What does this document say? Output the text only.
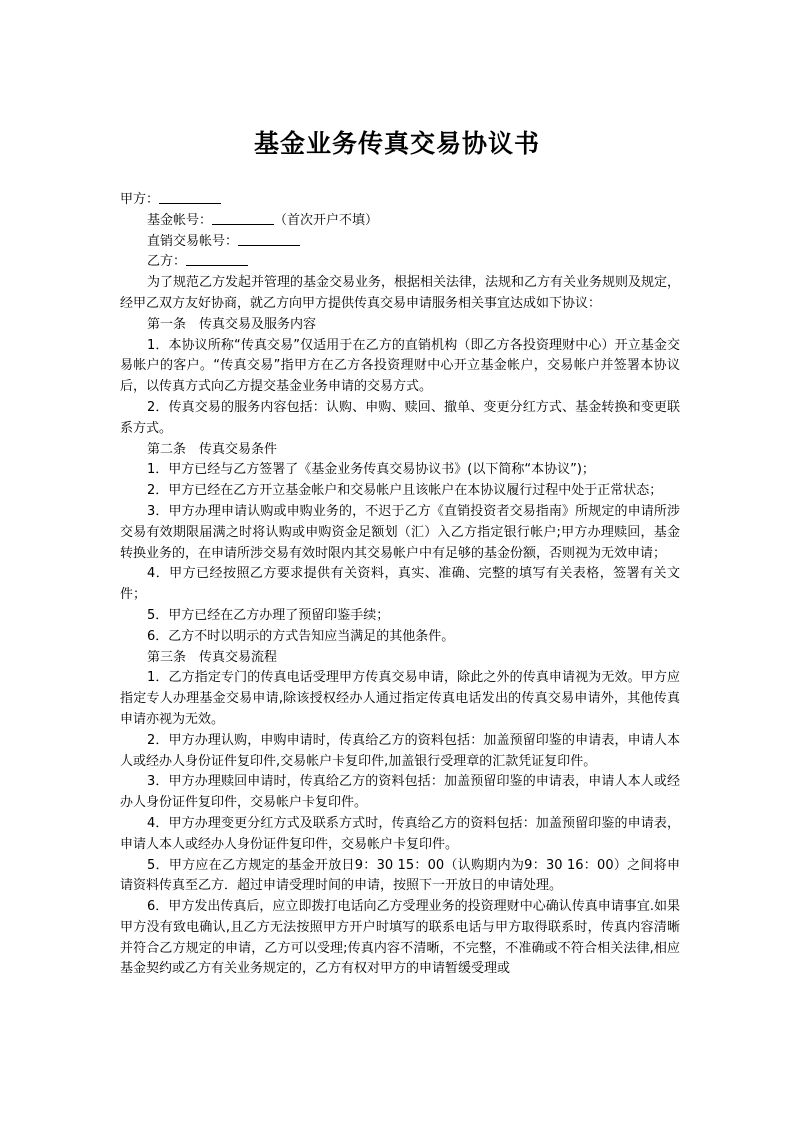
基金业务传真交易协议书
甲方：
基金帐号：	（首次开户不填）
直销交易帐号：
乙方：

为了规范乙方发起并管理的基金交易业务，根据相关法律，法规和乙方有关业务规则及规定，经甲乙双方友好协商，就乙方向甲方提供传真交易申请服务相关事宜达成如下协议：

第一条　传真交易及服务内容

1．本协议所称“传真交易”仅适用于在乙方的直销机构（即乙方各投资理财中心）开立基金交易帐户的客户。“传真交易”指甲方在乙方各投资理财中心开立基金帐户，交易帐户并签署本协议后，以传真方式向乙方提交基金业务申请的交易方式。

2．传真交易的服务内容包括：认购、申购、赎回、撤单、变更分红方式、基金转换和变更联系方式。

第二条　传真交易条件

1．甲方已经与乙方签署了《基金业务传真交易协议书》(以下简称“本协议”)；

2．甲方已经在乙方开立基金帐户和交易帐户且该帐户在本协议履行过程中处于正常状态；

3．甲方办理申请认购或申购业务的，不迟于乙方《直销投资者交易指南》所规定的申请所涉交易有效期限届满之时将认购或申购资金足额划（汇）入乙方指定银行帐户;甲方办理赎回，基金转换业务的，在申请所涉交易有效时限内其交易帐户中有足够的基金份额，否则视为无效申请；

4．甲方已经按照乙方要求提供有关资料，真实、准确、完整的填写有关表格，签署有关文件；

5．甲方已经在乙方办理了预留印鉴手续；

6．乙方不时以明示的方式告知应当满足的其他条件。

第三条　传真交易流程

1．乙方指定专门的传真电话受理甲方传真交易申请，除此之外的传真申请视为无效。甲方应指定专人办理基金交易申请,除该授权经办人通过指定传真电话发出的传真交易申请外，其他传真申请亦视为无效。

2．甲方办理认购，申购申请时，传真给乙方的资料包括：加盖预留印鉴的申请表，申请人本人或经办人身份证件复印件,交易帐户卡复印件,加盖银行受理章的汇款凭证复印件。

3．甲方办理赎回申请时，传真给乙方的资料包括：加盖预留印鉴的申请表，申请人本人或经办人身份证件复印件，交易帐户卡复印件。

4．甲方办理变更分红方式及联系方式时，传真给乙方的资料包括：加盖预留印鉴的申请表，申请人本人或经办人身份证件复印件，交易帐户卡复印件。

5．甲方应在乙方规定的基金开放日9：30 15：00（认购期内为9：30 16：00）之间将申请资料传真至乙方．超过申请受理时间的申请，按照下一开放日的申请处理。

6．甲方发出传真后，应立即拨打电话向乙方受理业务的投资理财中心确认传真申请事宜.如果甲方没有致电确认,且乙方无法按照甲方开户时填写的联系电话与甲方取得联系时，传真内容清晰并符合乙方规定的申请，乙方可以受理;传真内容不清晰，不完整，不准确或不符合相关法律,相应基金契约或乙方有关业务规定的，乙方有权对甲方的申请暂缓受理或
